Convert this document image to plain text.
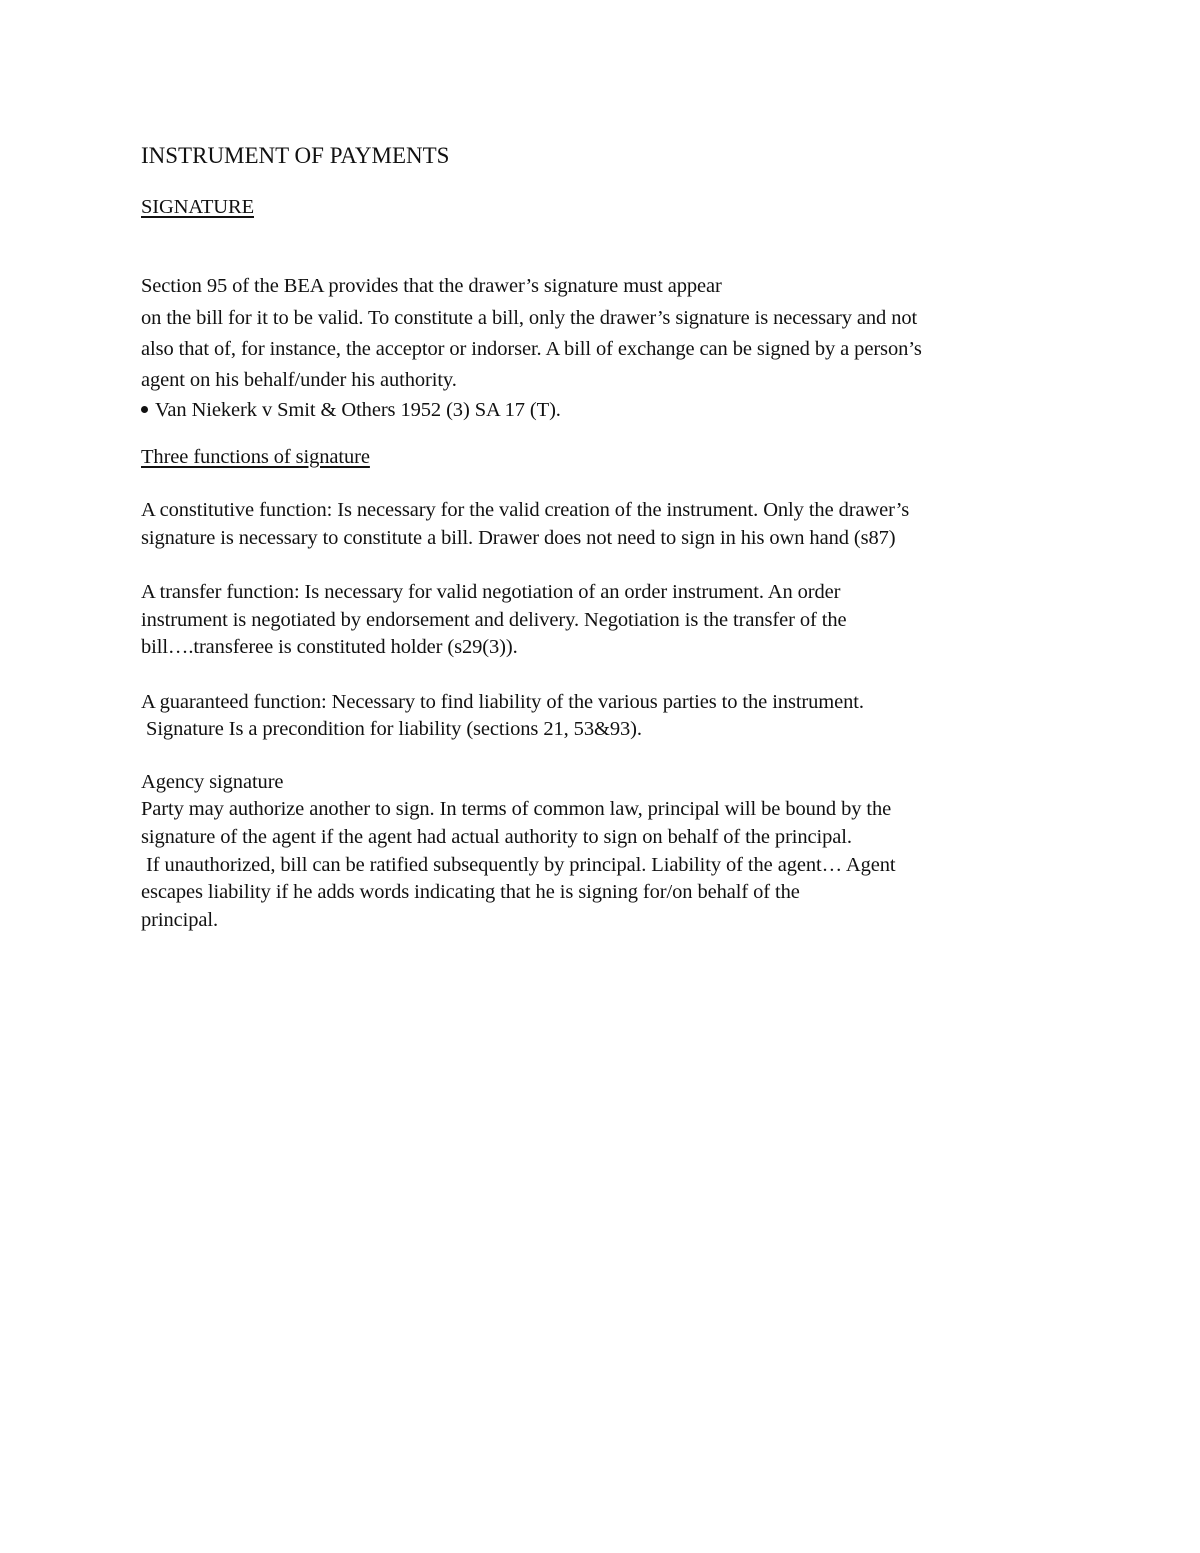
INSTRUMENT OF PAYMENTS
SIGNATURE
Section 95 of the BEA provides that the drawer’s signature must appear
on the bill for it to be valid. To constitute a bill, only the drawer’s signature is necessary and not
also that of, for instance, the acceptor or indorser. A bill of exchange can be signed by a person’s
agent on his behalf/under his authority.
Van Niekerk v Smit & Others 1952 (3) SA 17 (T).
Three functions of signature
A constitutive function: Is necessary for the valid creation of the instrument. Only the drawer’s
signature is necessary to constitute a bill. Drawer does not need to sign in his own hand (s87)
A transfer function: Is necessary for valid negotiation of an order instrument. An order
instrument is negotiated by endorsement and delivery. Negotiation is the transfer of the
bill….transferee is constituted holder (s29(3)).
A guaranteed function: Necessary to find liability of the various parties to the instrument.
Signature Is a precondition for liability (sections 21, 53&93).
Agency signature
Party may authorize another to sign. In terms of common law, principal will be bound by the
signature of the agent if the agent had actual authority to sign on behalf of the principal.
If unauthorized, bill can be ratified subsequently by principal. Liability of the agent… Agent
escapes liability if he adds words indicating that he is signing for/on behalf of the
principal.
